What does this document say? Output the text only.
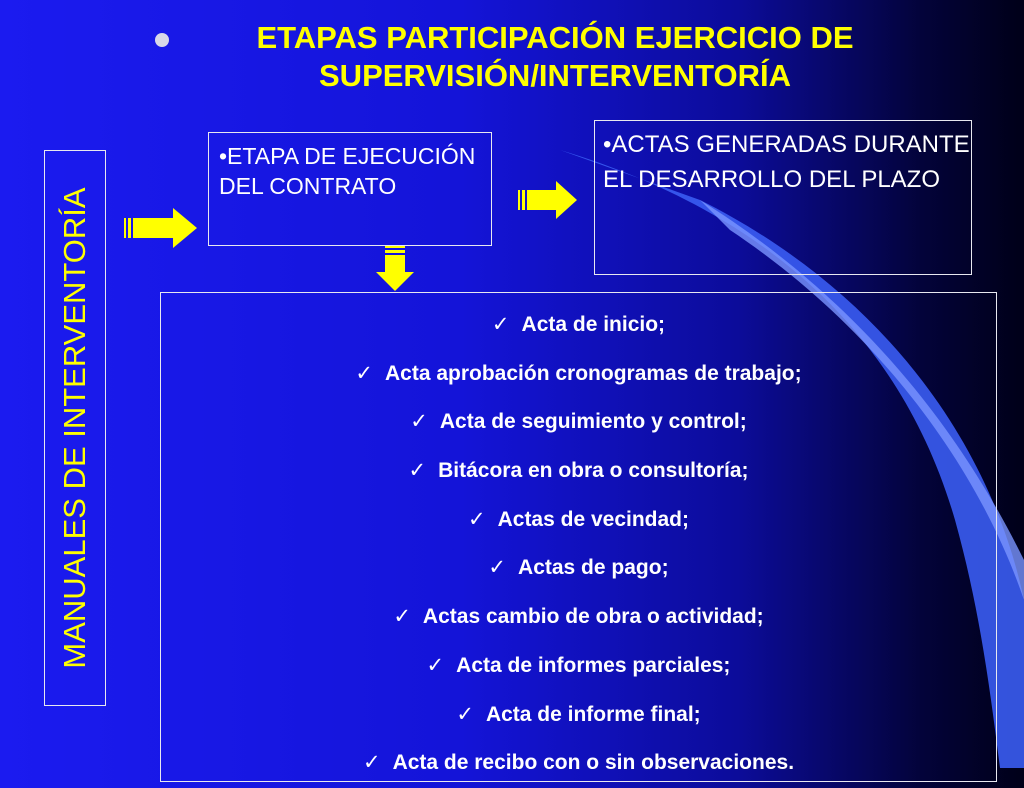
ETAPAS PARTICIPACIÓN EJERCICIO DE SUPERVISIÓN/INTERVENTORÍA
MANUALES DE INTERVENTORÍA
•ETAPA DE EJECUCIÓN DEL CONTRATO
•ACTAS GENERADAS DURANTE EL DESARROLLO DEL PLAZO
✓ Acta de inicio;
✓ Acta aprobación cronogramas de trabajo;
✓ Acta de seguimiento y control;
✓ Bitácora en obra o consultoría;
✓ Actas de vecindad;
✓ Actas de pago;
✓ Actas cambio de obra o actividad;
✓ Acta de informes parciales;
✓ Acta de informe final;
✓ Acta de recibo con o sin observaciones.
